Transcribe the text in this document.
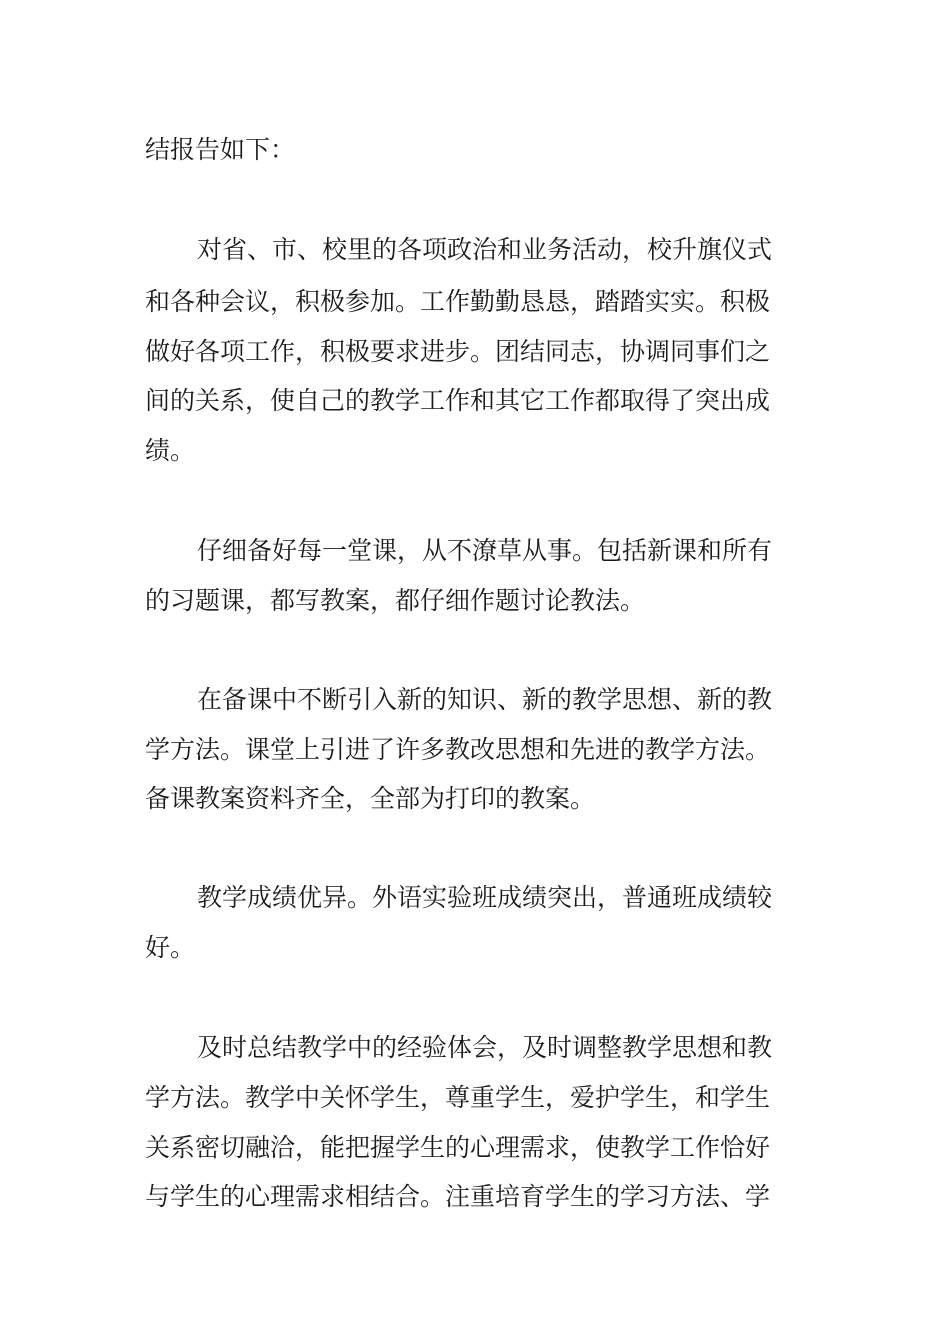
结报告如下：
对省、市、校里的各项政治和业务活动，校升旗仪式
和各种会议，积极参加。工作勤勤恳恳，踏踏实实。积极
做好各项工作，积极要求进步。团结同志，协调同事们之
间的关系，使自己的教学工作和其它工作都取得了突出成
绩。
仔细备好每一堂课，从不潦草从事。包括新课和所有
的习题课，都写教案，都仔细作题讨论教法。
在备课中不断引入新的知识、新的教学思想、新的教
学方法。课堂上引进了许多教改思想和先进的教学方法。
备课教案资料齐全，全部为打印的教案。
教学成绩优异。外语实验班成绩突出，普通班成绩较
好。
及时总结教学中的经验体会，及时调整教学思想和教
学方法。教学中关怀学生，尊重学生，爱护学生，和学生
关系密切融洽，能把握学生的心理需求，使教学工作恰好
与学生的心理需求相结合。注重培育学生的学习方法、学
